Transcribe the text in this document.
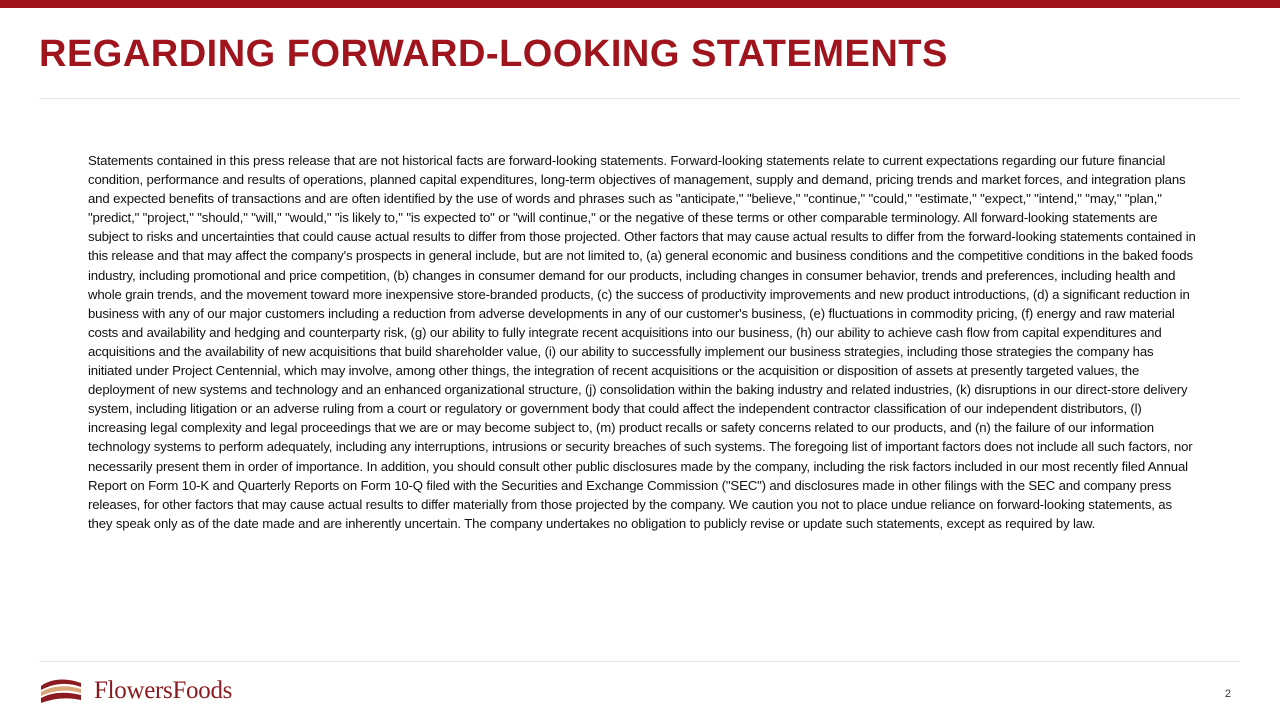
REGARDING FORWARD-LOOKING STATEMENTS

Statements contained in this press release that are not historical facts are forward-looking statements. Forward-looking statements relate to current expectations regarding our future financial condition, performance and results of operations, planned capital expenditures, long-term objectives of management, supply and demand, pricing trends and market forces, and integration plans and expected benefits of transactions and are often identified by the use of words and phrases such as "anticipate," "believe," "continue," "could," "estimate," "expect," "intend," "may," "plan," "predict," "project," "should," "will," "would," "is likely to," "is expected to" or "will continue," or the negative of these terms or other comparable terminology. All forward-looking statements are subject to risks and uncertainties that could cause actual results to differ from those projected. Other factors that may cause actual results to differ from the forward-looking statements contained in this release and that may affect the company's prospects in general include, but are not limited to, (a) general economic and business conditions and the competitive conditions in the baked foods industry, including promotional and price competition, (b) changes in consumer demand for our products, including changes in consumer behavior, trends and preferences, including health and whole grain trends, and the movement toward more inexpensive store-branded products, (c) the success of productivity improvements and new product introductions, (d) a significant reduction in business with any of our major customers including a reduction from adverse developments in any of our customer's business, (e) fluctuations in commodity pricing, (f) energy and raw material costs and availability and hedging and counterparty risk, (g) our ability to fully integrate recent acquisitions into our business, (h) our ability to achieve cash flow from capital expenditures and acquisitions and the availability of new acquisitions that build shareholder value, (i) our ability to successfully implement our business strategies, including those strategies the company has initiated under Project Centennial, which may involve, among other things, the integration of recent acquisitions or the acquisition or disposition of assets at presently targeted values, the deployment of new systems and technology and an enhanced organizational structure, (j) consolidation within the baking industry and related industries, (k) disruptions in our direct-store delivery system, including litigation or an adverse ruling from a court or regulatory or government body that could affect the independent contractor classification of our independent distributors, (l) increasing legal complexity and legal proceedings that we are or may become subject to, (m) product recalls or safety concerns related to our products, and (n) the failure of our information technology systems to perform adequately, including any interruptions, intrusions or security breaches of such systems. The foregoing list of important factors does not include all such factors, nor necessarily present them in order of importance. In addition, you should consult other public disclosures made by the company, including the risk factors included in our most recently filed Annual Report on Form 10-K and Quarterly Reports on Form 10-Q filed with the Securities and Exchange Commission ("SEC") and disclosures made in other filings with the SEC and company press releases, for other factors that may cause actual results to differ materially from those projected by the company. We caution you not to place undue reliance on forward-looking statements, as they speak only as of the date made and are inherently uncertain. The company undertakes no obligation to publicly revise or update such statements, except as required by law.

FlowersFoods	2
